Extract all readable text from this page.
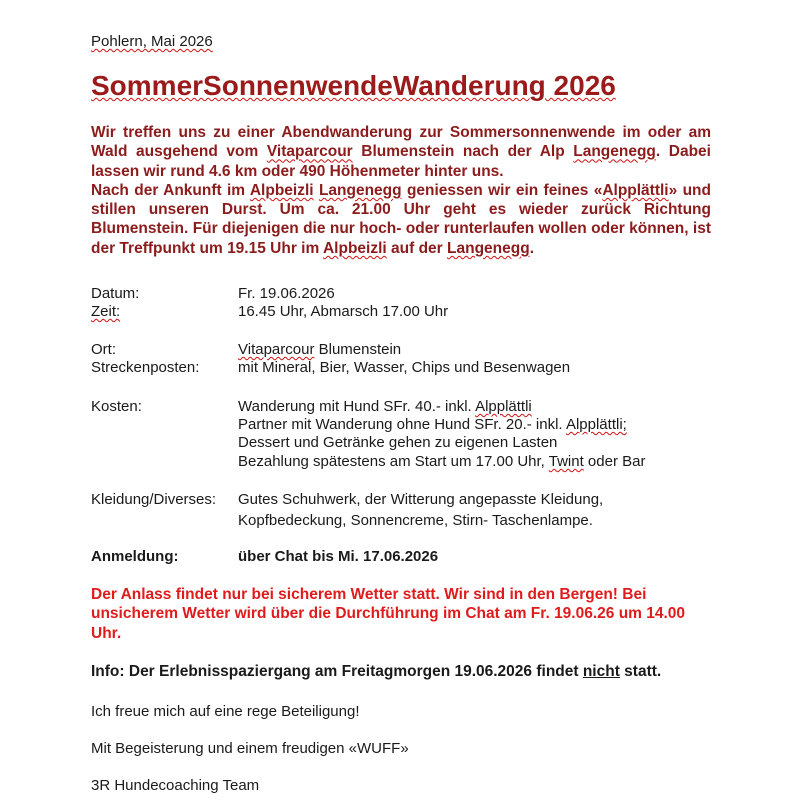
Pohlern, Mai 2026
SommerSonnenwendeWanderung 2026

Wir treffen uns zu einer Abendwanderung zur Sommersonnenwende im oder am Wald ausgehend vom Vitaparcour Blumenstein nach der Alp Langenegg. Dabei lassen wir rund 4.6 km oder 490 Höhenmeter hinter uns.

Nach der Ankunft im Alpbeizli Langenegg geniessen wir ein feines «Alpplättli» und stillen unseren Durst. Um ca. 21.00 Uhr geht es wieder zurück Richtung Blumenstein. Für diejenigen die nur hoch- oder runterlaufen wollen oder können, ist der Treffpunkt um 19.15 Uhr im Alpbeizli auf der Langenegg.

Datum:	Fr. 19.06.2026
Zeit:	16.45 Uhr, Abmarsch 17.00 Uhr
Ort:	Vitaparcour Blumenstein
Streckenposten:	mit Mineral, Bier, Wasser, Chips und Besenwagen
Kosten:	Wanderung mit Hund SFr. 40.- inkl. Alpplättli
Partner mit Wanderung ohne Hund SFr. 20.- inkl. Alpplättli;
Dessert und Getränke gehen zu eigenen Lasten
Bezahlung spätestens am Start um 17.00 Uhr, Twint oder Bar
Kleidung/Diverses: Gutes Schuhwerk, der Witterung angepasste Kleidung,
Kopfbedeckung, Sonnencreme, Stirn- Taschenlampe.
Anmeldung:	über Chat bis Mi. 17.06.2026
Der Anlass findet nur bei sicherem Wetter statt. Wir sind in den Bergen! Bei unsicherem Wetter wird über die Durchführung im Chat am Fr. 19.06.26 um 14.00 Uhr.
Info: Der Erlebnisspaziergang am Freitagmorgen 19.06.2026 findet nicht statt.
Ich freue mich auf eine rege Beteiligung!
Mit Begeisterung und einem freudigen «WUFF»
3R Hundecoaching Team
